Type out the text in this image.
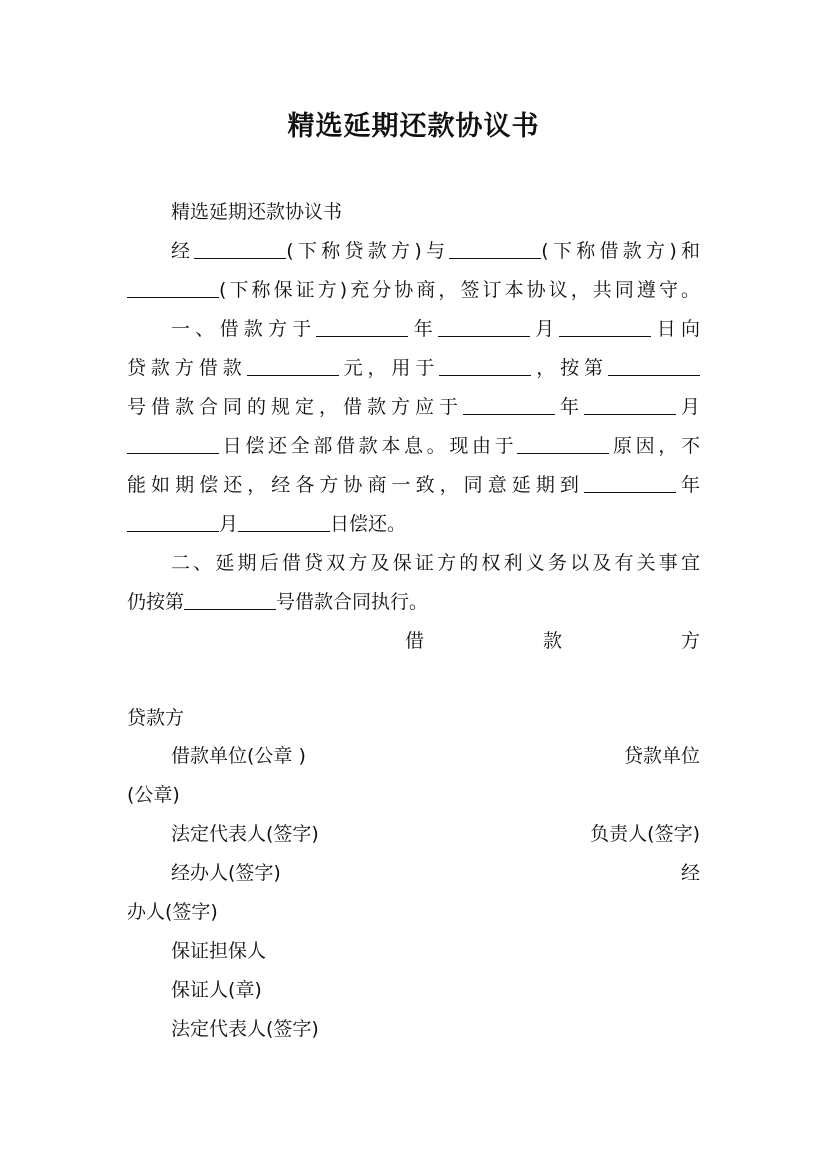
精选延期还款协议书
精选延期还款协议书
经	(下称贷款方)与	(下称借款方)和
(下称保证方)充分协商，签订本协议，共同遵守。
一、借款方于	年	月	日向
贷款方借款	元，用于	，按第
号借款合同的规定，借款方应于	年	月
日偿还全部借款本息。现由于	原因，不
能如期偿还，经各方协商一致，同意延期到	年
月	日偿还。
二、延期后借贷双方及保证方的权利义务以及有关事宜
仍按第	号借款合同执行。
借　　　　　款　　　　　方
贷款方
借款单位(公章 )	贷款单位
(公章)
法定代表人(签字)	负责人(签字)
经办人(签字)	经
办人(签字)
保证担保人
保证人(章)
法定代表人(签字)
